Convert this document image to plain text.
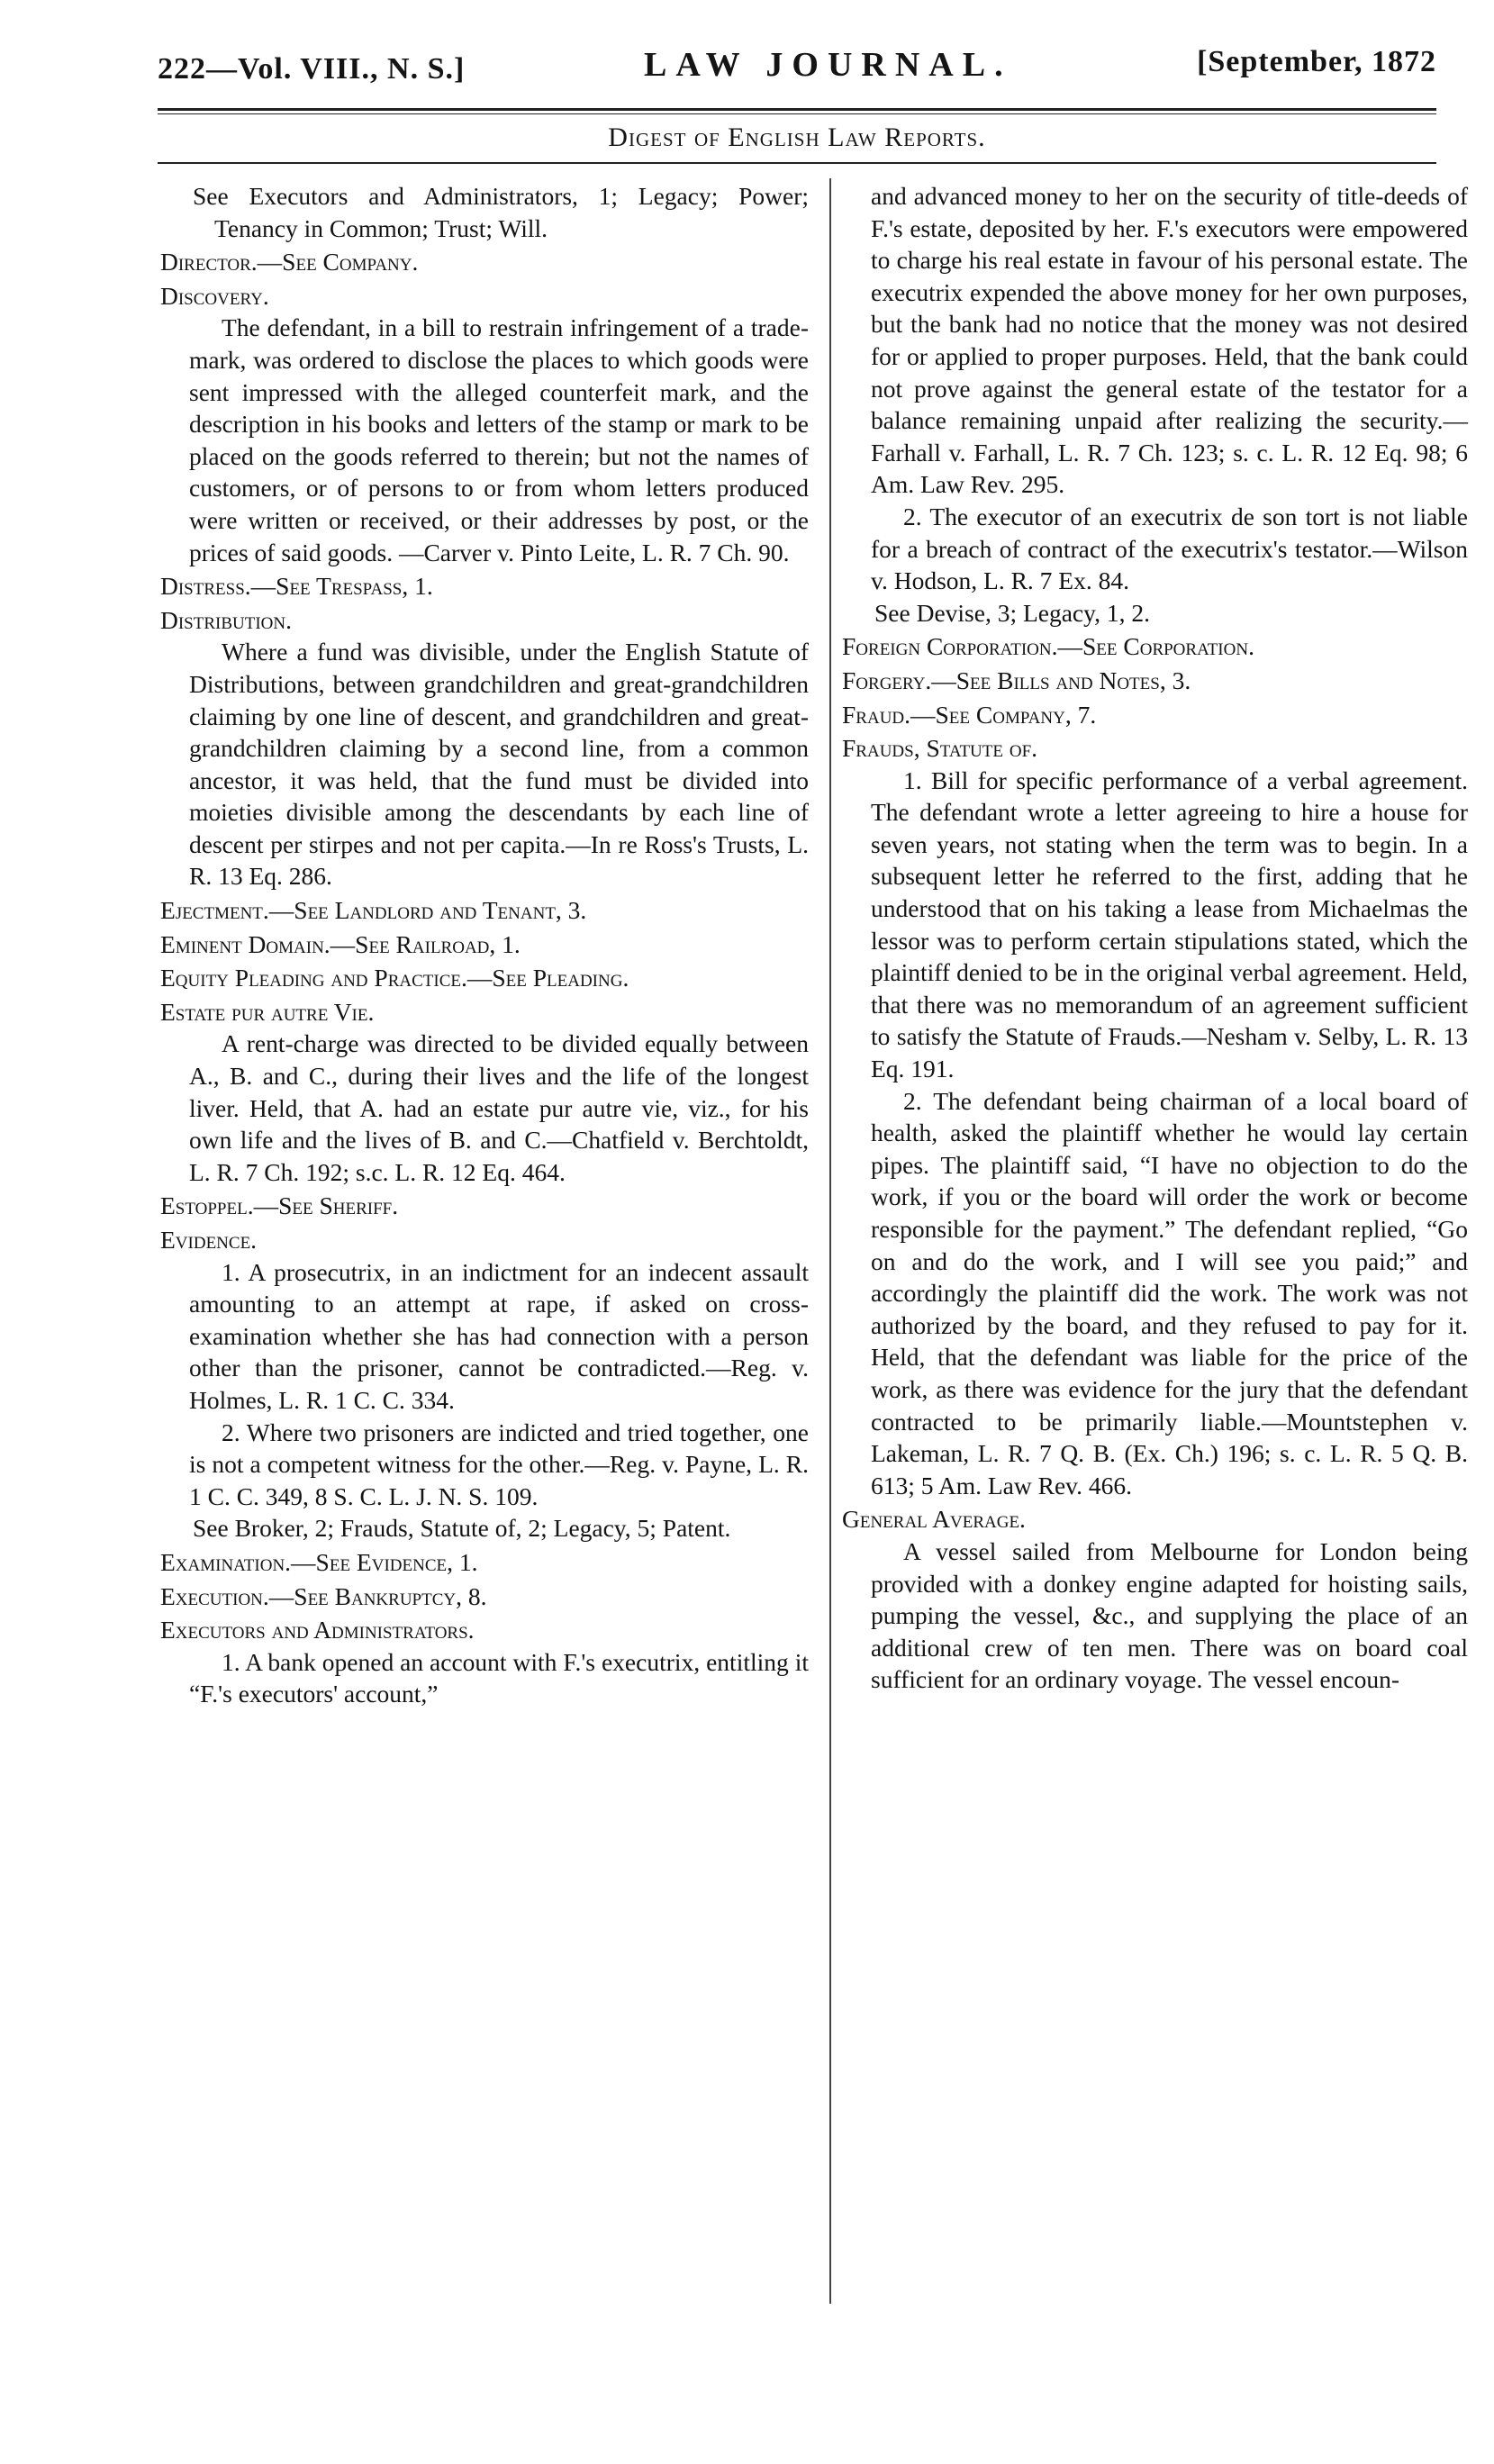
222—Vol. VIII., N. S.]	LAW JOURNAL.	[September, 1872
Digest of English Law Reports.

See Executors and Administrators, 1; Legacy; Power; Tenancy in Common; Trust; Will.

Director.—See Company.

Discovery.

The defendant, in a bill to restrain infringement of a trade-mark, was ordered to disclose the places to which goods were sent impressed with the alleged counterfeit mark, and the description in his books and letters of the stamp or mark to be placed on the goods referred to therein; but not the names of customers, or of persons to or from whom letters produced were written or received, or their addresses by post, or the prices of said goods. —Carver v. Pinto Leite, L. R. 7 Ch. 90.

Distress.—See Trespass, 1.

Distribution.

Where a fund was divisible, under the English Statute of Distributions, between grandchildren and great-grandchildren claiming by one line of descent, and grandchildren and great-grandchildren claiming by a second line, from a common ancestor, it was held, that the fund must be divided into moieties divisible among the descendants by each line of descent per stirpes and not per capita.—In re Ross's Trusts, L. R. 13 Eq. 286.

Ejectment.—See Landlord and Tenant, 3.

Eminent Domain.—See Railroad, 1.

Equity Pleading and Practice.—See Pleading.

Estate pur autre Vie.

A rent-charge was directed to be divided equally between A., B. and C., during their lives and the life of the longest liver. Held, that A. had an estate pur autre vie, viz., for his own life and the lives of B. and C.—Chatfield v. Berchtoldt, L. R. 7 Ch. 192; s.c. L. R. 12 Eq. 464.

Estoppel.—See Sheriff.

Evidence.

1. A prosecutrix, in an indictment for an indecent assault amounting to an attempt at rape, if asked on cross-examination whether she has had connection with a person other than the prisoner, cannot be contradicted.—Reg. v. Holmes, L. R. 1 C. C. 334.

2. Where two prisoners are indicted and tried together, one is not a competent witness for the other.—Reg. v. Payne, L. R. 1 C. C. 349, 8 S. C. L. J. N. S. 109.

See Broker, 2; Frauds, Statute of, 2; Legacy, 5; Patent.

Examination.—See Evidence, 1.

Execution.—See Bankruptcy, 8.

Executors and Administrators.

1. A bank opened an account with F.'s executrix, entitling it “F.'s executors' account,”

and advanced money to her on the security of title-deeds of F.'s estate, deposited by her. F.'s executors were empowered to charge his real estate in favour of his personal estate. The executrix expended the above money for her own purposes, but the bank had no notice that the money was not desired for or applied to proper purposes. Held, that the bank could not prove against the general estate of the testator for a balance remaining unpaid after realizing the security.—Farhall v. Farhall, L. R. 7 Ch. 123; s. c. L. R. 12 Eq. 98; 6 Am. Law Rev. 295.

2. The executor of an executrix de son tort is not liable for a breach of contract of the executrix's testator.—Wilson v. Hodson, L. R. 7 Ex. 84.

See Devise, 3; Legacy, 1, 2.

Foreign Corporation.—See Corporation.

Forgery.—See Bills and Notes, 3.

Fraud.—See Company, 7.

Frauds, Statute of.

1. Bill for specific performance of a verbal agreement. The defendant wrote a letter agreeing to hire a house for seven years, not stating when the term was to begin. In a subsequent letter he referred to the first, adding that he understood that on his taking a lease from Michaelmas the lessor was to perform certain stipulations stated, which the plaintiff denied to be in the original verbal agreement. Held, that there was no memorandum of an agreement sufficient to satisfy the Statute of Frauds.—Nesham v. Selby, L. R. 13 Eq. 191.

2. The defendant being chairman of a local board of health, asked the plaintiff whether he would lay certain pipes. The plaintiff said, “I have no objection to do the work, if you or the board will order the work or become responsible for the payment.” The defendant replied, “Go on and do the work, and I will see you paid;” and accordingly the plaintiff did the work. The work was not authorized by the board, and they refused to pay for it. Held, that the defendant was liable for the price of the work, as there was evidence for the jury that the defendant contracted to be primarily liable.—Mountstephen v. Lakeman, L. R. 7 Q. B. (Ex. Ch.) 196; s. c. L. R. 5 Q. B. 613; 5 Am. Law Rev. 466.

General Average.

A vessel sailed from Melbourne for London being provided with a donkey engine adapted for hoisting sails, pumping the vessel, &c., and supplying the place of an additional crew of ten men. There was on board coal sufficient for an ordinary voyage. The vessel encoun-
